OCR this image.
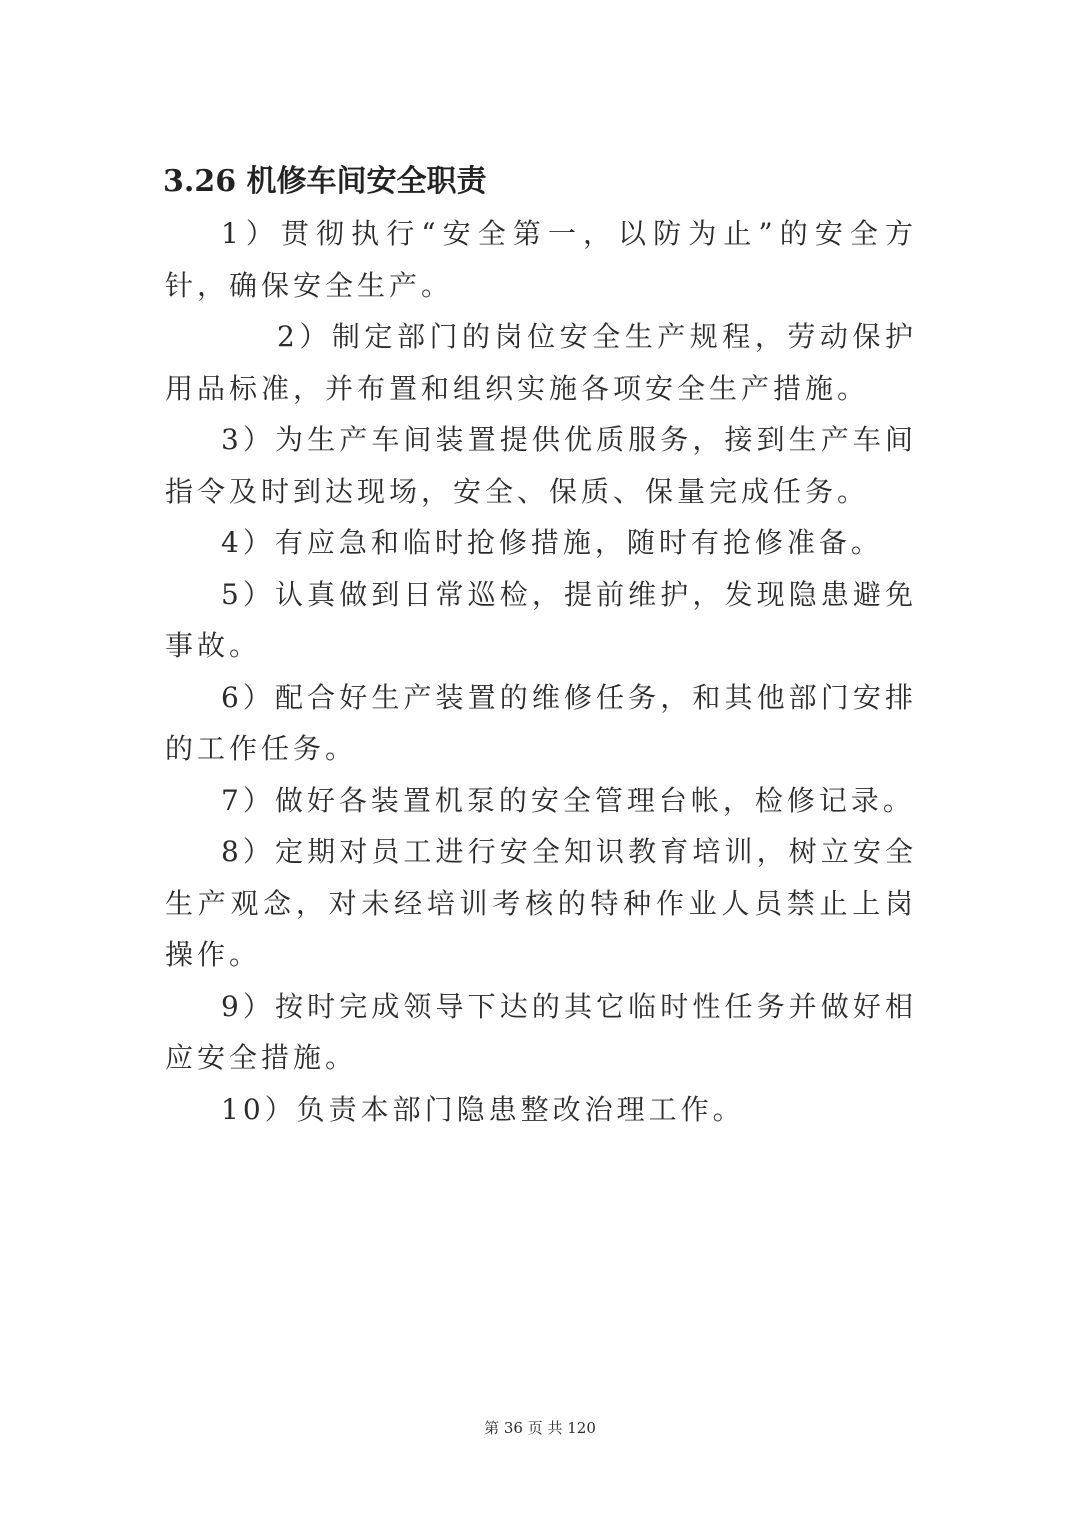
3.26 机修车间安全职责

1）贯彻执行“安全第一，以防为止”的安全方针，确保安全生产。

2）制定部门的岗位安全生产规程，劳动保护用品标准，并布置和组织实施各项安全生产措施。

3）为生产车间装置提供优质服务，接到生产车间指令及时到达现场，安全、保质、保量完成任务。

4）有应急和临时抢修措施，随时有抢修准备。

5）认真做到日常巡检，提前维护，发现隐患避免事故。

6）配合好生产装置的维修任务，和其他部门安排的工作任务。

7）做好各装置机泵的安全管理台帐，检修记录。

8）定期对员工进行安全知识教育培训，树立安全生产观念，对未经培训考核的特种作业人员禁止上岗操作。

9）按时完成领导下达的其它临时性任务并做好相应安全措施。

10）负责本部门隐患整改治理工作。

第 36 页 共 120
